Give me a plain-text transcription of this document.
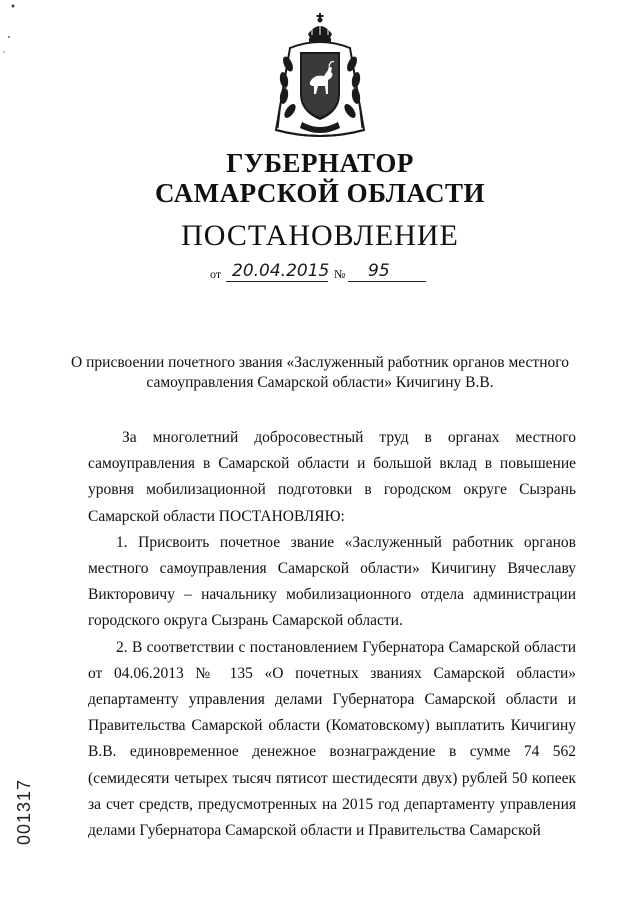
ГУБЕРНАТОР
САМАРСКОЙ ОБЛАСТИ
ПОСТАНОВЛЕНИЕ
от 20.04.2015 № 95
О присвоении почетного звания «Заслуженный работник органов местного
самоуправления Самарской области» Кичигину В.В.

За многолетний добросовестный труд в органах местного самоуправления в Самарской области и большой вклад в повышение уровня мобилизационной подготовки в городском округе Сызрань Самарской области ПОСТАНОВЛЯЮ:

1. Присвоить почетное звание «Заслуженный работник органов местного самоуправления Самарской области» Кичигину Вячеславу Викторовичу – начальнику мобилизационного отдела администрации городского округа Сызрань Самарской области.

2. В соответствии с постановлением Губернатора Самарской области от 04.06.2013 № 135 «О почетных званиях Самарской области» департаменту управления делами Губернатора Самарской области и Правительства Самарской области (Коматовскому) выплатить Кичигину В.В. единовременное денежное вознаграждение в сумме 74 562 (семидесяти четырех тысяч пятисот шестидесяти двух) рублей 50 копеек за счет средств, предусмотренных на 2015 год департаменту управления делами Губернатора Самарской области и Правительства Самарской

001317
